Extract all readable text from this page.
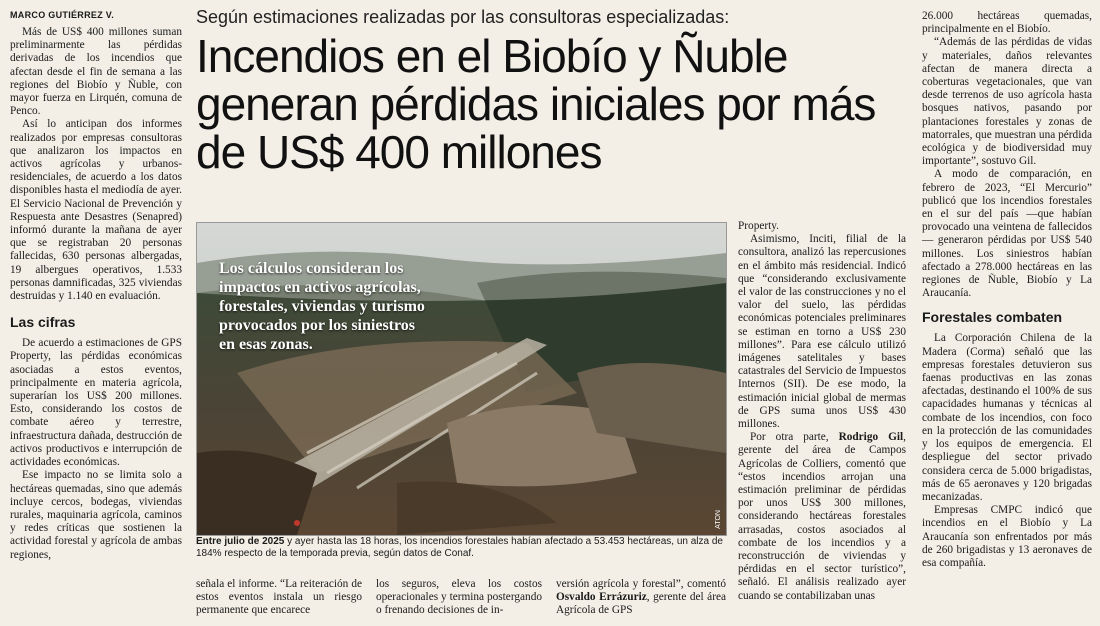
MARCO GUTIÉRREZ V.

Más de US$ 400 millones suman preliminarmente las pérdidas derivadas de los incendios que afectan desde el fin de semana a las regiones del Biobío y Ñuble, con mayor fuerza en Lirquén, comuna de Penco.

Así lo anticipan dos informes realizados por empresas consultoras que analizaron los impactos en activos agrícolas y urbanos-residenciales, de acuerdo a los datos disponibles hasta el mediodía de ayer. El Servicio Nacional de Prevención y Respuesta ante Desastres (Senapred) informó durante la mañana de ayer que se registraban 20 personas fallecidas, 630 personas albergadas, 19 albergues operativos, 1.533 personas damnificadas, 325 viviendas destruidas y 1.140 en evaluación.

Las cifras

De acuerdo a estimaciones de GPS Property, las pérdidas económicas asociadas a estos eventos, principalmente en materia agrícola, superarían los US$ 200 millones. Esto, considerando los costos de combate aéreo y terrestre, infraestructura dañada, destrucción de activos productivos e interrupción de actividades económicas.

Ese impacto no se limita solo a hectáreas quemadas, sino que además incluye cercos, bodegas, viviendas rurales, maquinaria agrícola, caminos y redes críticas que sostienen la actividad forestal y agrícola de ambas regiones,

Según estimaciones realizadas por las consultoras especializadas:
Incendios en el Biobío y Ñuble generan pérdidas iniciales por más de US$ 400 millones
Los cálculos consideran los impactos en activos agrícolas, forestales, viviendas y turismo provocados por los siniestros en esas zonas.
ATON
Entre julio de 2025 y ayer hasta las 18 horas, los incendios forestales habían afectado a 53.453 hectáreas, un alza de 184% respecto de la temporada previa, según datos de Conaf.

señala el informe. “La reiteración de estos eventos instala un riesgo permanente que encarece

los seguros, eleva los costos operacionales y termina postergando o frenando decisiones de in-

versión agrícola y forestal”, comentó Osvaldo Errázuriz, gerente del área Agrícola de GPS

Property.

Asimismo, Inciti, filial de la consultora, analizó las repercusiones en el ámbito más residencial. Indicó que “considerando exclusivamente el valor de las construcciones y no el valor del suelo, las pérdidas económicas potenciales preliminares se estiman en torno a US$ 230 millones”. Para ese cálculo utilizó imágenes satelitales y bases catastrales del Servicio de Impuestos Internos (SII). De ese modo, la estimación inicial global de mermas de GPS suma unos US$ 430 millones.

Por otra parte, Rodrigo Gil, gerente del área de Campos Agrícolas de Colliers, comentó que “estos incendios arrojan una estimación preliminar de pérdidas por unos US$ 300 millones, considerando hectáreas forestales arrasadas, costos asociados al combate de los incendios y a reconstrucción de viviendas y pérdidas en el sector turístico”, señaló. El análisis realizado ayer cuando se contabilizaban unas

26.000 hectáreas quemadas, principalmente en el Biobío.

“Además de las pérdidas de vidas y materiales, daños relevantes afectan de manera directa a coberturas vegetacionales, que van desde terrenos de uso agrícola hasta bosques nativos, pasando por plantaciones forestales y zonas de matorrales, que muestran una pérdida ecológica y de biodiversidad muy importante”, sostuvo Gil.

A modo de comparación, en febrero de 2023, “El Mercurio” publicó que los incendios forestales en el sur del país —que habían provocado una veintena de fallecidos— generaron pérdidas por US$ 540 millones. Los siniestros habían afectado a 278.000 hectáreas en las regiones de Ñuble, Biobío y La Araucanía.

Forestales combaten

La Corporación Chilena de la Madera (Corma) señaló que las empresas forestales detuvieron sus faenas productivas en las zonas afectadas, destinando el 100% de sus capacidades humanas y técnicas al combate de los incendios, con foco en la protección de las comunidades y los equipos de emergencia. El despliegue del sector privado considera cerca de 5.000 brigadistas, más de 65 aeronaves y 120 brigadas mecanizadas.

Empresas CMPC indicó que incendios en el Biobío y La Araucanía son enfrentados por más de 260 brigadistas y 13 aeronaves de esa compañía.
